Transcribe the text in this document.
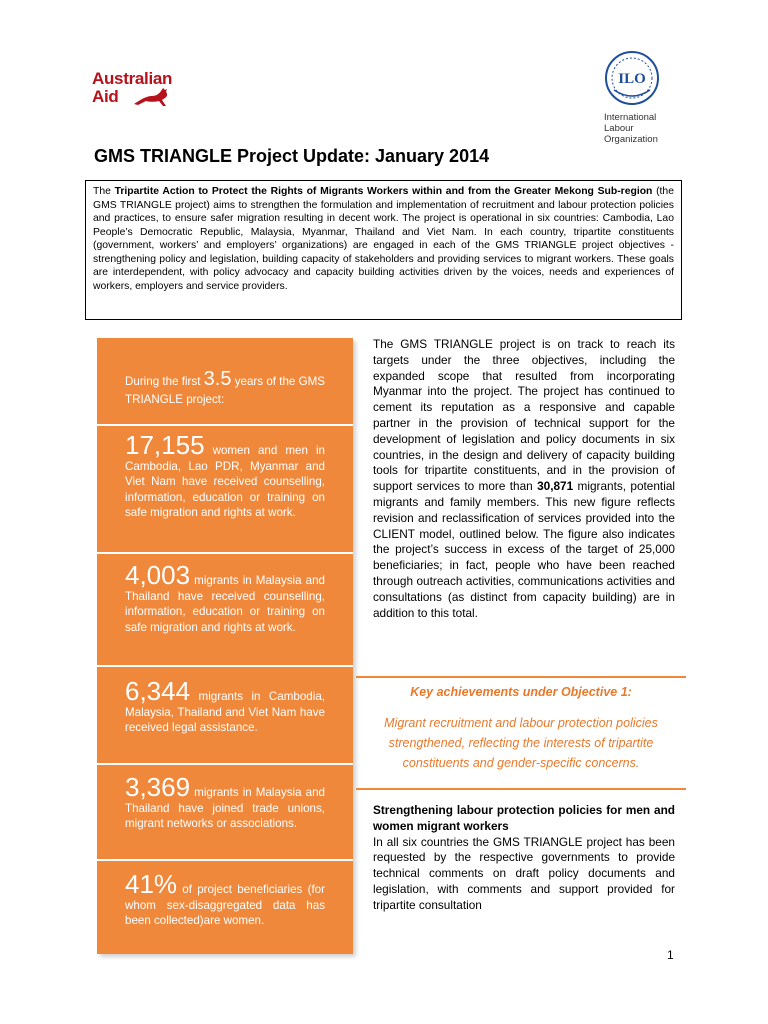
Australian
Aid
ILO
International
Labour
Organization
GMS TRIANGLE Project Update: January 2014
The Tripartite Action to Protect the Rights of Migrants Workers within and from the Greater Mekong Sub-region (the GMS TRIANGLE project) aims to strengthen the formulation and implementation of recruitment and labour protection policies and practices, to ensure safer migration resulting in decent work. The project is operational in six countries: Cambodia, Lao People’s Democratic Republic, Malaysia, Myanmar, Thailand and Viet Nam. In each country, tripartite constituents (government, workers’ and employers’ organizations) are engaged in each of the GMS TRIANGLE project objectives - strengthening policy and legislation, building capacity of stakeholders and providing services to migrant workers. These goals are interdependent, with policy advocacy and capacity building activities driven by the voices, needs and experiences of workers, employers and service providers.
During the first 3.5 years of the GMS TRIANGLE project:
17,155 women and men in Cambodia, Lao PDR, Myanmar and Viet Nam have received counselling, information, education or training on safe migration and rights at work.
4,003 migrants in Malaysia and Thailand have received counselling, information, education or training on safe migration and rights at work.
6,344 migrants in Cambodia, Malaysia, Thailand and Viet Nam have received legal assistance.
3,369 migrants in Malaysia and Thailand have joined trade unions, migrant networks or associations.
41% of project beneficiaries (for whom sex-disaggregated data has been collected)are women.
The GMS TRIANGLE project is on track to reach its targets under the three objectives, including the expanded scope that resulted from incorporating Myanmar into the project. The project has continued to cement its reputation as a responsive and capable partner in the provision of technical support for the development of legislation and policy documents in six countries, in the design and delivery of capacity building tools for tripartite constituents, and in the provision of support services to more than 30,871 migrants, potential migrants and family members. This new figure reflects revision and reclassification of services provided into the CLIENT model, outlined below. The figure also indicates the project’s success in excess of the target of 25,000 beneficiaries; in fact, people who have been reached through outreach activities, communications activities and consultations (as distinct from capacity building) are in addition to this total.
Key achievements under Objective 1:
Migrant recruitment and labour protection policies strengthened, reflecting the interests of tripartite constituents and gender-specific concerns.
Strengthening labour protection policies for men and women migrant workers
In all six countries the GMS TRIANGLE project has been requested by the respective governments to provide technical comments on draft policy documents and legislation, with comments and support provided for tripartite consultation
1
